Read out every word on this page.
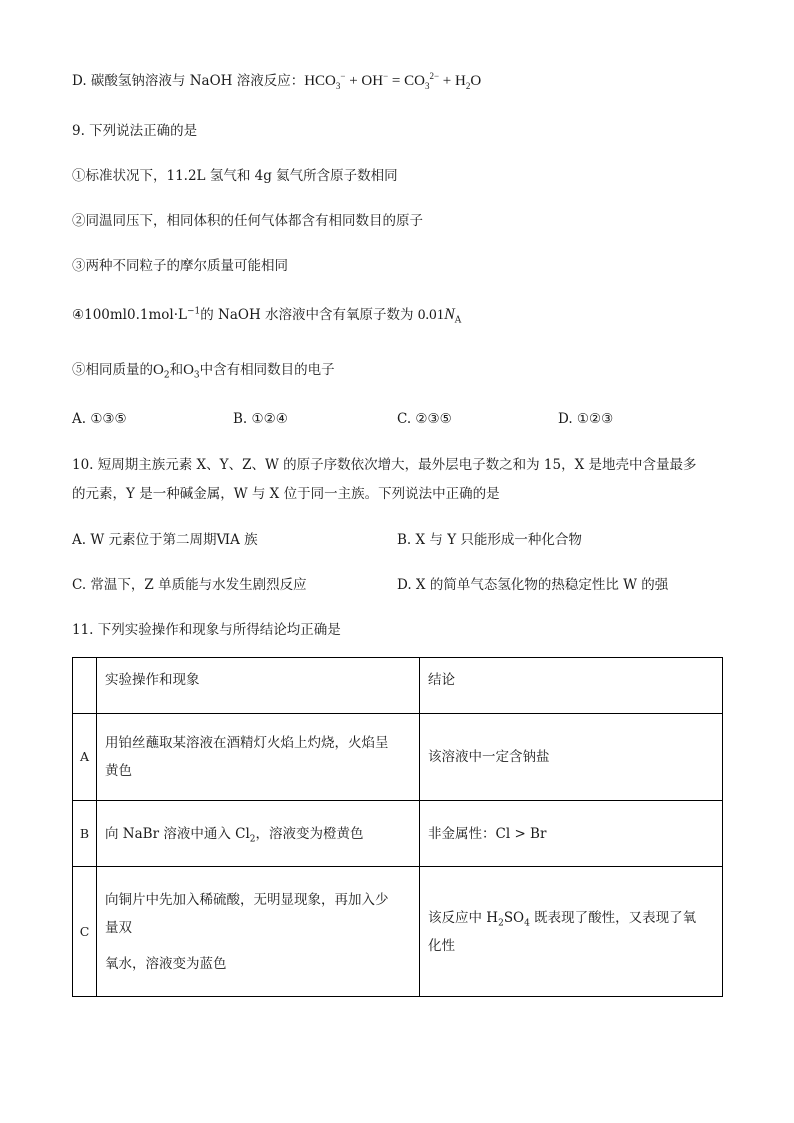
D. 碳酸氢钠溶液与 NaOH 溶液反应：$HCO_3^- + OH^- = CO_3^{2-} + H_2O$
9. 下列说法正确的是
①标准状况下，11.2L 氢气和 4g 氦气所含原子数相同
②同温同压下，相同体积的任何气体都含有相同数目的原子
③两种不同粒子的摩尔质量可能相同
$④100ml0.1mol\cdot L^{-1}$的 NaOH 水溶液中含有氧原子数为 $0.01N_A$
⑤相同质量的$O_2$和$O_3$中含有相同数目的电子
A. ①③⑤	B. ①②④	C. ②③⑤	D. ①②③
10. 短周期主族元素 X、Y、Z、W 的原子序数依次增大，最外层电子数之和为 15，X 是地壳中含量最多
的元素，Y 是一种碱金属，W 与 X 位于同一主族。下列说法中正确的是
A. W 元素位于第二周期ⅥA 族	B. X 与 Y 只能形成一种化合物
C. 常温下，Z 单质能与水发生剧烈反应	D. X 的简单气态氢化物的热稳定性比 W 的强
11. 下列实验操作和现象与所得结论均正确是
	实验操作和现象	结论
A	用铂丝蘸取某溶液在酒精灯火焰上灼烧，火焰呈
黄色	该溶液中一定含钠盐
B	向 NaBr 溶液中通入 $Cl_2$，溶液变为橙黄色	非金属性：Cl > Br
C	向铜片中先加入稀硫酸，无明显现象，再加入少
量双
氧水，溶液变为蓝色	该反应中 $H_2SO_4$ 既表现了酸性，又表现了氧
化性
